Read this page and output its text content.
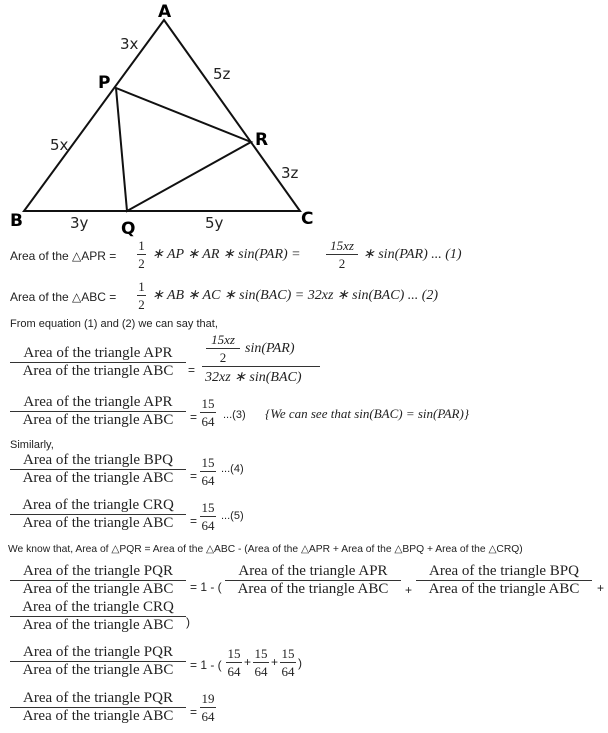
A
B	C
P
Q
R
3x
5x
5z
3z
3y	5y
Area of the △APR =
1
2
∗ AP ∗ AR ∗ sin(PAR) =
15xz
2
∗ sin(PAR) ... (1)
Area of the △ABC =
1
2
∗ AB ∗ AC ∗ sin(BAC) = 32xz ∗ sin(BAC) ... (2)
From equation (1) and (2) we can say that,
Area of the triangle APR
Area of the triangle ABC =
15xz
2
sin(PAR)
32xz ∗ sin(BAC)
Area of the triangle APR
Area of the triangle ABC =
15
64 ...(3) {We can see that sin(BAC) = sin(PAR)}
Similarly,
Area of the triangle BPQ
Area of the triangle ABC =
15
64
...(4)
Area of the triangle CRQ
Area of the triangle ABC =
15
64
...(5)
We know that, Area of △PQR = Area of the △ABC - (Area of the △APR + Area of the △BPQ + Area of the △CRQ)
Area of the triangle PQR
Area of the triangle ABC = 1 - (
Area of the triangle APR
Area of the triangle ABC +
Area of the triangle BPQ
Area of the triangle ABC +
Area of the triangle CRQ
Area of the triangle ABC )
Area of the triangle PQR
Area of the triangle ABC = 1 - (
15
64
+
15
64
+
15
64
)
Area of the triangle PQR
Area of the triangle ABC =
19
64
